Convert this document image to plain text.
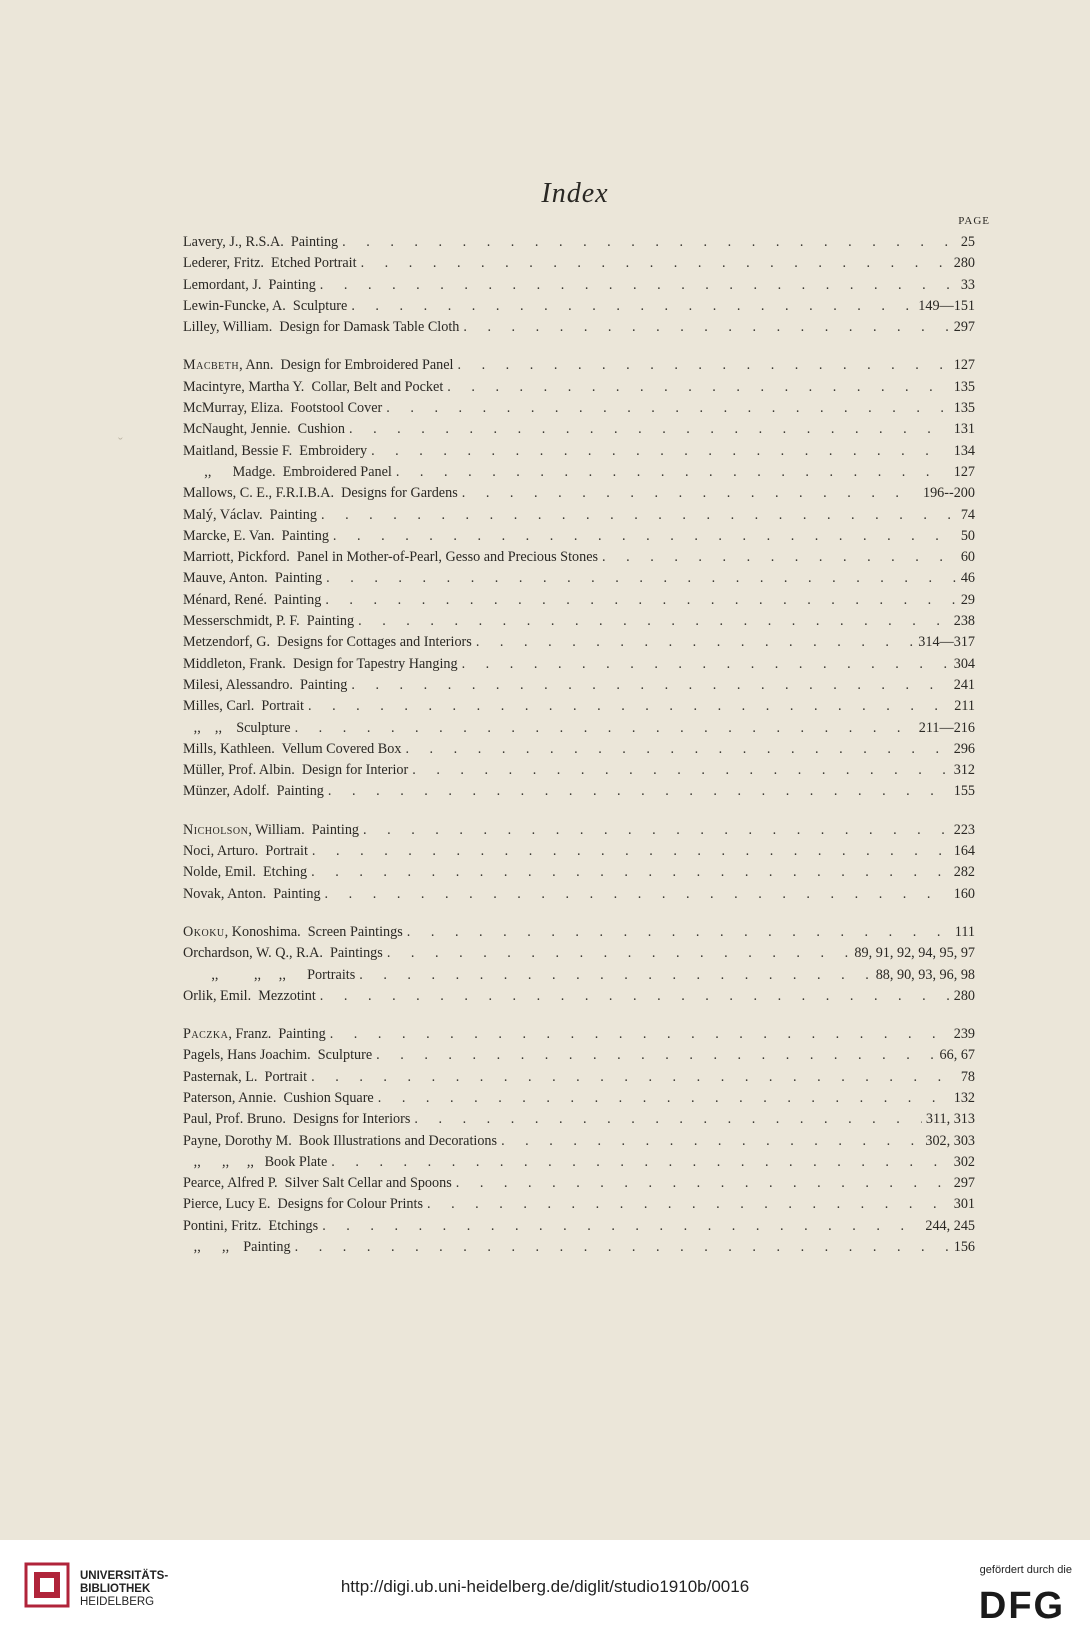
ˇ
Index
PAGE
Lavery, J., R.S.A.  Painting . . .	25
Lederer, Fritz.  Etched Portrait . . .	280
Lemordant, J.  Painting . . .	33
Lewin-Funcke, A.  Sculpture . . .	149—151
Lilley, William.  Design for Damask Table Cloth . . .	297
Macbeth, Ann.  Design for Embroidered Panel . . .	127
Macintyre, Martha Y.  Collar, Belt and Pocket . . .	135
McMurray, Eliza.  Footstool Cover . . .	135
McNaught, Jennie.  Cushion . . .	131
Maitland, Bessie F.  Embroidery . . .	134
,,      Madge.  Embroidered Panel . . .	127
Mallows, C. E., F.R.I.B.A.  Designs for Gardens . . .	196--200
Malý, Václav.  Painting . . .	74
Marcke, E. Van.  Painting . . .	50
Marriott, Pickford.  Panel in Mother-of-Pearl, Gesso and Precious Stones . . .	60
Mauve, Anton.  Painting . . .	46
Ménard, René.  Painting . . .	29
Messerschmidt, P. F.  Painting . . .	238
Metzendorf, G.  Designs for Cottages and Interiors . . .	314—317
Middleton, Frank.  Design for Tapestry Hanging . . .	304
Milesi, Alessandro.  Painting . . .	241
Milles, Carl.  Portrait . . .	211
,,    ,,    Sculpture . . .	211—216
Mills, Kathleen.  Vellum Covered Box . . .	296
Müller, Prof. Albin.  Design for Interior . . .	312
Münzer, Adolf.  Painting . . .	155
Nicholson, William.  Painting . . .	223
Noci, Arturo.  Portrait . . .	164
Nolde, Emil.  Etching . . .	282
Novak, Anton.  Painting . . .	160
Okoku, Konoshima.  Screen Paintings . . .	111
Orchardson, W. Q., R.A.  Paintings . . .	89, 91, 92, 94, 95, 97
,,          ,,     ,,      Portraits . . .	88, 90, 93, 96, 98
Orlik, Emil.  Mezzotint . . .	280
Paczka, Franz.  Painting . . .	239
Pagels, Hans Joachim.  Sculpture . . .	66, 67
Pasternak, L.  Portrait . . .	78
Paterson, Annie.  Cushion Square . . .	132
Paul, Prof. Bruno.  Designs for Interiors . . .	311, 313
Payne, Dorothy M.  Book Illustrations and Decorations . . .	302, 303
,,      ,,     ,,   Book Plate . . .	302
Pearce, Alfred P.  Silver Salt Cellar and Spoons . . .	297
Pierce, Lucy E.  Designs for Colour Prints . . .	301
Pontini, Fritz.  Etchings . . .	244, 245
,,      ,,    Painting . . .	156
UNIVERSITÄTS-
BIBLIOTHEK
HEIDELBERG
http://digi.ub.uni-heidelberg.de/diglit/studio1910b/0016
gefördert durch die
DFG
